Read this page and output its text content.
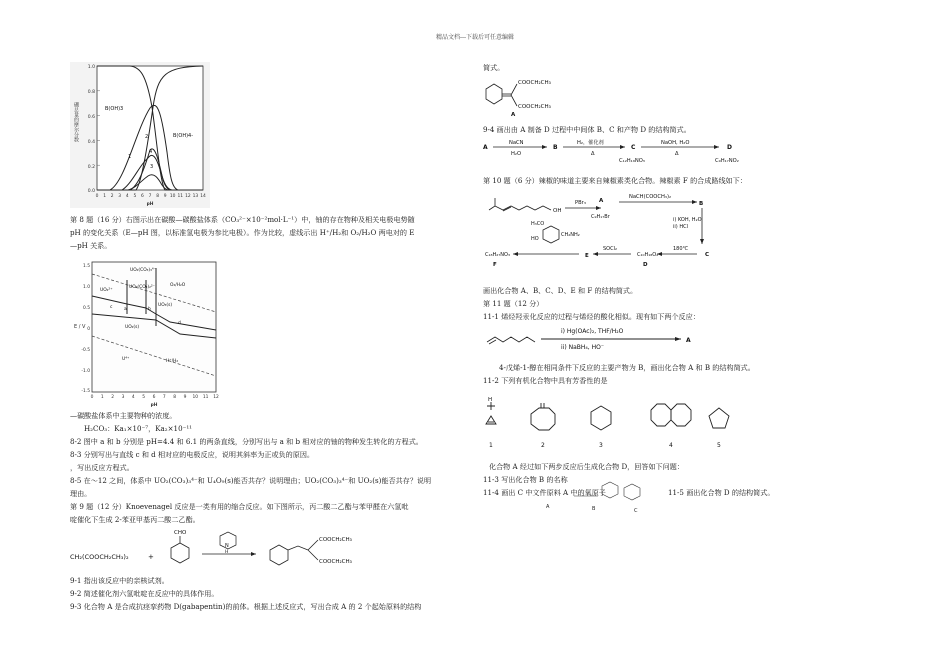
精品文档---下载后可任意编辑
1.0
0.8
0.6
0.4
0.2
0.0
0 1 2 3 4 5 6 7 8 9 10 11 12 13 14
pH
硼总量的摩尔分数	B(OH)3
B(OH)4-
1
2
3
4
第 8 题（16 分）右图示出在碳酸—碳酸盐体系（CO₃²⁻×10⁻²mol·L⁻¹）中，铀的存在物种及相关电极电势随
pH 的变化关系（E—pH 图，以标准氢电极为参比电极）。作为比较，虚线示出 H⁺/H₂和 O₂/H₂O 两电对的 E
—pH 关系。
1.5
1.0
0.5
0
-0.5
-1.0
-1.5
0 1 2 3 4 5 6 7 8 9 10 11 12
pH
E / V
UO₂(CO₃)₃⁴⁻
UO₂²⁺
UO₂(CO₃)₂²⁻	O₂/H₂O
UO₂(s)
UO₃(s)
H⁺/H₂
U⁴⁺
a	b
c
d
—碳酸盐体系中主要物种的浓度。
H₂CO₃：Ka₁×10⁻⁷，Ka₂×10⁻¹¹
8-2 图中 a 和 b 分别是 pH=4.4 和 6.1 的两条直线，分别写出与 a 和 b 相对应的铀的物种发生转化的方程式。
8-3 分别写出与直线 c 和 d 相对应的电极反应，说明其斜率为正或负的原因。
，写出反应方程式。
8-5 在～12 之间，体系中 UO₂(CO₃)₃⁴⁻和 U₄O₉(s)能否共存？说明理由；UO₂(CO₃)₃⁴⁻和 UO₂(s)能否共存？说明
理由。
第 9 题（12 分）Knoevenagel 反应是一类有用的缩合反应。如下图所示，丙二酸二乙酯与苯甲醛在六氢吡
啶催化下生成 2-苯亚甲基丙二酸二乙酯。
CH₂(COOCH₂CH₃)₂	+
CHO
N
H
COOCH₂CH₃
COOCH₂CH₃
9-1 指出该反应中的亲核试剂。
9-2 简述催化剂六氢吡啶在反应中的具体作用。
9-3 化合物 A 是合成抗痉挛药物 D(gabapentin)的前体。根据上述反应式，写出合成 A 的 2 个起始原料的结构
简式。
COOCH₂CH₃
COOCH₂CH₃
A
9-4 画出由 A 制备 D 过程中中间体 B、C 和产物 D 的结构简式。
A	B	C	D
NaCN
H₂O
H₂，催化剂
Δ
NaOH, H₂O
Δ
C₁₂H₁₉NO₃	C₉H₁₇NO₂
第 10 题（6 分）辣椒的味道主要来自辣椒素类化合物。辣椒素 F 的合成路线如下：
OH
PBr₃ A
C₉H₁₇Br
NaCH(COOCH₃)₂
B
i) KOH, H₂O
ii) HCl
C
180℃
C₁₀H₁₈O₂
D
SOCl₂
E
C₁₈H₂₇NO₃
F
H₃CO
HO
CH₂NH₂
画出化合物 A、B、C、D、E 和 F 的结构简式。
第 11 题（12 分）
11-1 烯烃羟汞化反应的过程与烯烃的酸化相似。现有如下两个反应：
i) Hg(OAc)₂, THF/H₂O
ii) NaBH₄, HO⁻
A
4-戊烯-1-醇在相同条件下反应的主要产物为 B，画出化合物 A 和 B 的结构简式。
11-2 下列有机化合物中具有芳香性的是
H
1	2	3	4	5
化合物 A 经过如下两步反应后生成化合物 D，回答如下问题：
11-3 写出化合物 B 的名称
11-4 画出 C 中文件原料 A 中的氧原子	11-5 画出化合物 D 的结构简式。
A	B	C
